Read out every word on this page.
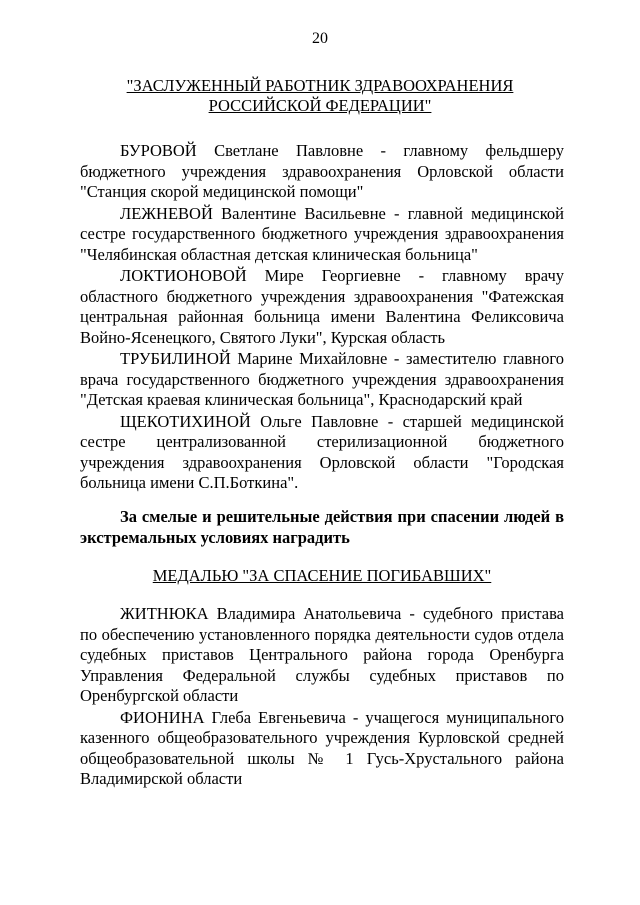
20
"ЗАСЛУЖЕННЫЙ РАБОТНИК ЗДРАВООХРАНЕНИЯ
РОССИЙСКОЙ ФЕДЕРАЦИИ"

БУРОВОЙ Светлане Павловне - главному фельдшеру бюджетного учреждения здравоохранения Орловской области "Станция скорой медицинской помощи"

ЛЕЖНЕВОЙ Валентине Васильевне - главной медицинской сестре государственного бюджетного учреждения здравоохранения "Челябинская областная детская клиническая больница"

ЛОКТИОНОВОЙ Мире Георгиевне - главному врачу областного бюджетного учреждения здравоохранения "Фатежская центральная районная больница имени Валентина Феликсовича Войно-Ясенецкого, Святого Луки", Курская область

ТРУБИЛИНОЙ Марине Михайловне - заместителю главного врача государственного бюджетного учреждения здравоохранения "Детская краевая клиническая больница", Краснодарский край

ЩЕКОТИХИНОЙ Ольге Павловне - старшей медицинской сестре централизованной стерилизационной бюджетного учреждения здравоохранения Орловской области "Городская больница имени С.П.Боткина".

За смелые и решительные действия при спасении людей в экстремальных условиях наградить
МЕДАЛЬЮ "ЗА СПАСЕНИЕ ПОГИБАВШИХ"

ЖИТНЮКА Владимира Анатольевича - судебного пристава по обеспечению установленного порядка деятельности судов отдела судебных приставов Центрального района города Оренбурга Управления Федеральной службы судебных приставов по Оренбургской области

ФИОНИНА Глеба Евгеньевича - учащегося муниципального казенного общеобразовательного учреждения Курловской средней общеобразовательной школы № 1 Гусь-Хрустального района Владимирской области
